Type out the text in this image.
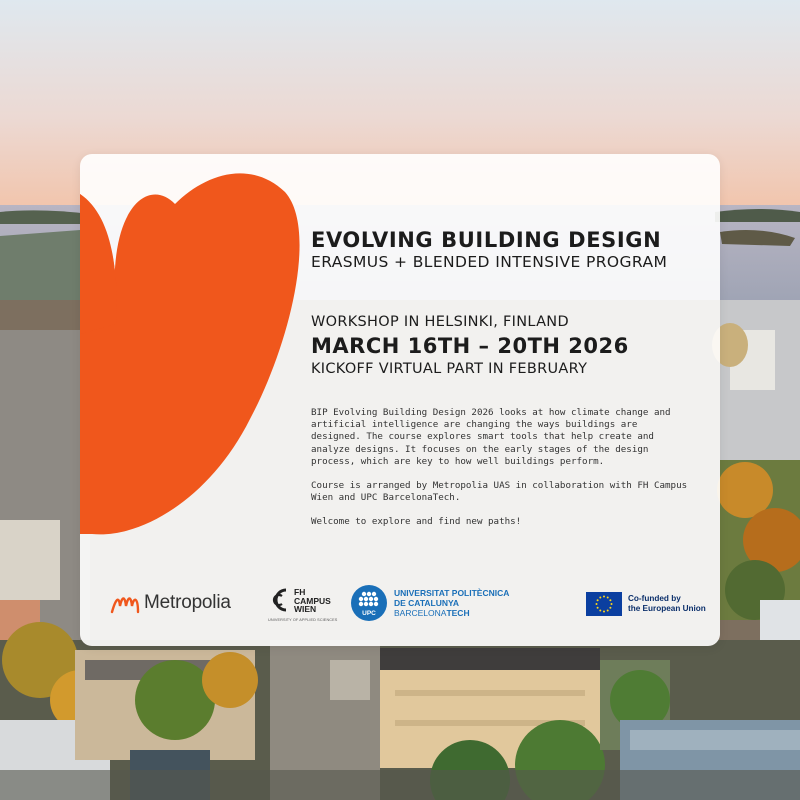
EVOLVING BUILDING DESIGN
ERASMUS + BLENDED INTENSIVE PROGRAM
WORKSHOP IN HELSINKI, FINLAND
MARCH 16TH – 20TH 2026
KICKOFF VIRTUAL PART IN FEBRUARY

BIP Evolving Building Design 2026 looks at how climate change and artificial intelligence are changing the ways buildings are designed. The course explores smart tools that help create and analyze designs. It focuses on the early stages of the design process, which are key to how well buildings perform.

Course is arranged by Metropolia UAS in collaboration with FH Campus Wien and UPC BarcelonaTech.

Welcome to explore and find new paths!

Metropolia	FH
CAMPUS
WIEN
UNIVERSITY OF APPLIED SCIENCES
UPC
UNIVERSITAT POLITÈCNICA
DE CATALUNYA
BARCELONATECH
Co-funded by
the European Union
